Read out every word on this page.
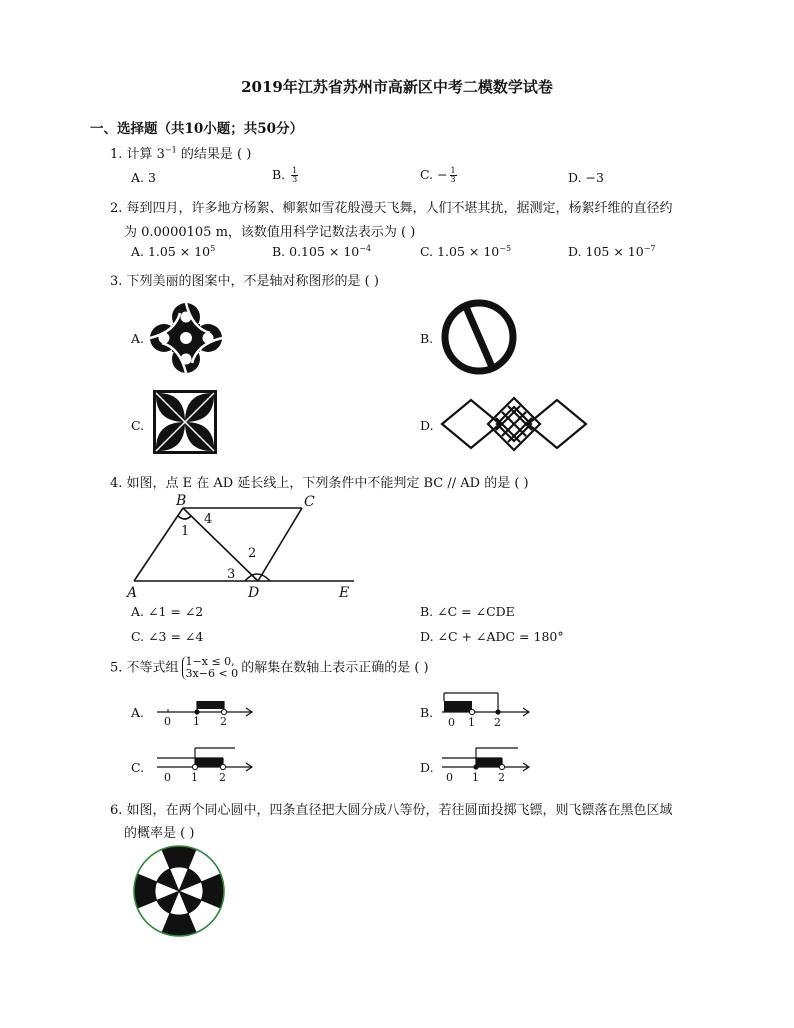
2019年江苏省苏州市高新区中考二模数学试卷
一、选择题（共10小题；共50分）
1. 计算 $3^{-1}$ 的结果是 ( )
A. 3	B. $\frac{1}{3}$	C. − $\frac{1}{3}$	D. −3
2. 每到四月，许多地方杨絮、柳絮如雪花般漫天飞舞，人们不堪其扰，据测定，杨絮纤维的直径约
为 0.0000105 m，该数值用科学记数法表示为 ( )
A. $1.05 \times 10^5$	B. $0.105 \times 10^{-4}$	C. $1.05 \times 10^{-5}$	D. $105 \times 10^{-7}$
3. 下列美丽的图案中，不是轴对称图形的是 ( )
A.	B.
C.	D.
4. 如图，点 E 在 AD 延长线上，下列条件中不能判定 BC // AD 的是 ( )
A
B	C
D	E
1
2
3
4
A. ∠1 = ∠2	B. ∠C = ∠CDE
C. ∠3 = ∠4	D. ∠C + ∠ADC = 180°
5. 不等式组 1−x ≤ 0,
3x−6 < 0 的解集在数轴上表示正确的是 ( )
A.	B.
C.	D.
0 1 2	0 1 2
0 1 2	0 1 2
6. 如图，在两个同心圆中，四条直径把大圆分成八等份，若往圆面投掷飞镖，则飞镖落在黑色区域
的概率是 ( )
